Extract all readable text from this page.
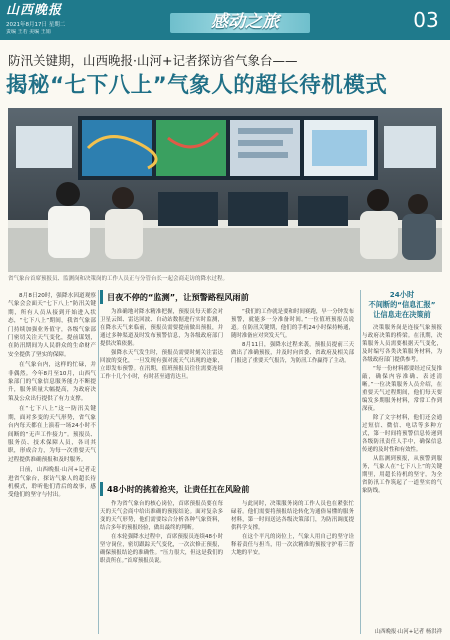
山西晚报
2021年8月17日 星期二
责编 王若 美编 王娟	感动之旅	03
防汛关键期，山西晚报·山河+记者探访省气象台——
揭秘“七下八上”气象人的超长待机模式
省气象台首席预报员、监测岗和决策岗的工作人员正与分管台长一起会商走访的降水过程。

8月8日20时，强降水因道观察气象会会面天“七下八上”防汛关键期，所有人员从接到开始进入状态，“七下八上”期间，我省气象部门持续加强业务值守，各级气象部门密切关注天气变化，提前谋划，在防汛期间为人民群众的生命财产安全提供了坚实的保障。

在气象台内，这样的忙碌，并非偶然。今年8月至10月，山西气象部门的气象信息服务能力不断提升，服务质量大幅提高，为政府决策及公众出行提供了有力支撑。

在“七下八上”这一防汛关键期，面对多变的天气形势，省气象台内每天都在上演着一场24小时不间断的“无声工作接力”。预报员、服务员、技术保障人员，各司其职，形成合力，为每一次重要天气过程提供准确预报和及时服务。

日前，山西晚报·山河+记者走进省气象台，探访气象人的超长待机模式，聆听他们背后的故事，感受他们的坚守与付出。

目夜不停的“监测”，让预警路程风雨前

为准确地对降水精准把握，预报员每天都会对卫星云图、雷达回波、自动站数据进行实时监测，在降水天气来临前，预报员需要提前做出预报，并通过多种渠道及时发布预警信息，为各级政府部门提供决策依据。

强降水天气发生时，预报员需要时刻关注雷达回波的变化，一旦发现有强对流天气出现的迹象，立即发布预警。在汛期，值班预报员往往需要连续工作十几个小时，有时甚至通宵达旦。

“我们的工作就是要和时间赛跑，早一分钟发布预警，就能多一分准备时间。”一位值班预报员说道。在防汛关键期，他们的手机24小时保持畅通，随时准备应对突发天气。

8月11日，强降水过程来袭，预报员提前三天做出了准确预报，并及时向省委、省政府及相关部门报送了重要天气报告，为防汛工作赢得了主动。

48小时的挑着抢夹，让责任扛在风险前

作为省气象台的核心岗位，首席预报员要在每天的天气会商中给出准确的预报结论。面对复杂多变的天气形势，他们需要综合分析各种气象资料，结合多年的预报经验，做出最终的判断。

在本轮强降水过程中，首席预报员连续48小时坚守岗位，密切跟踪天气变化，一次次修正预报，确保预报结论的准确性。“压力很大，但这是我们的职责所在。”首席预报员说。

与此同时，决策服务岗的工作人员也在紧张忙碌着。他们需要将预报结论转化为通俗易懂的服务材料，第一时间送达各级决策部门，为防汛调度提供科学支撑。

在这个平凡的岗位上，气象人用自己的坚守诠释着责任与担当，用一次次精准的预报守护着三晋大地的平安。

24小时
不间断的“信息汇报”
让信息走在决策前

决策服务岗是连接气象预报与政府决策的桥梁。在汛期，决策服务人员需要根据天气变化，及时编写各类决策服务材料，为各级政府部门提供参考。

“每一份材料都要经过反复推敲，确保内容准确、表述清晰。”一位决策服务人员介绍，在重要天气过程期间，他们每天要编发多期服务材料，常常工作到深夜。

除了文字材料，他们还会通过短信、微信、电话等多种方式，第一时间将预警信息传递到各级防汛责任人手中，确保信息传递的及时性和有效性。

从监测到预报，从预警到服务，气象人在“七下八上”的关键期里，用超长待机的坚守，为全省防汛工作筑起了一道坚实的气象防线。

山西晚报·山河+记者 杨洪祥
